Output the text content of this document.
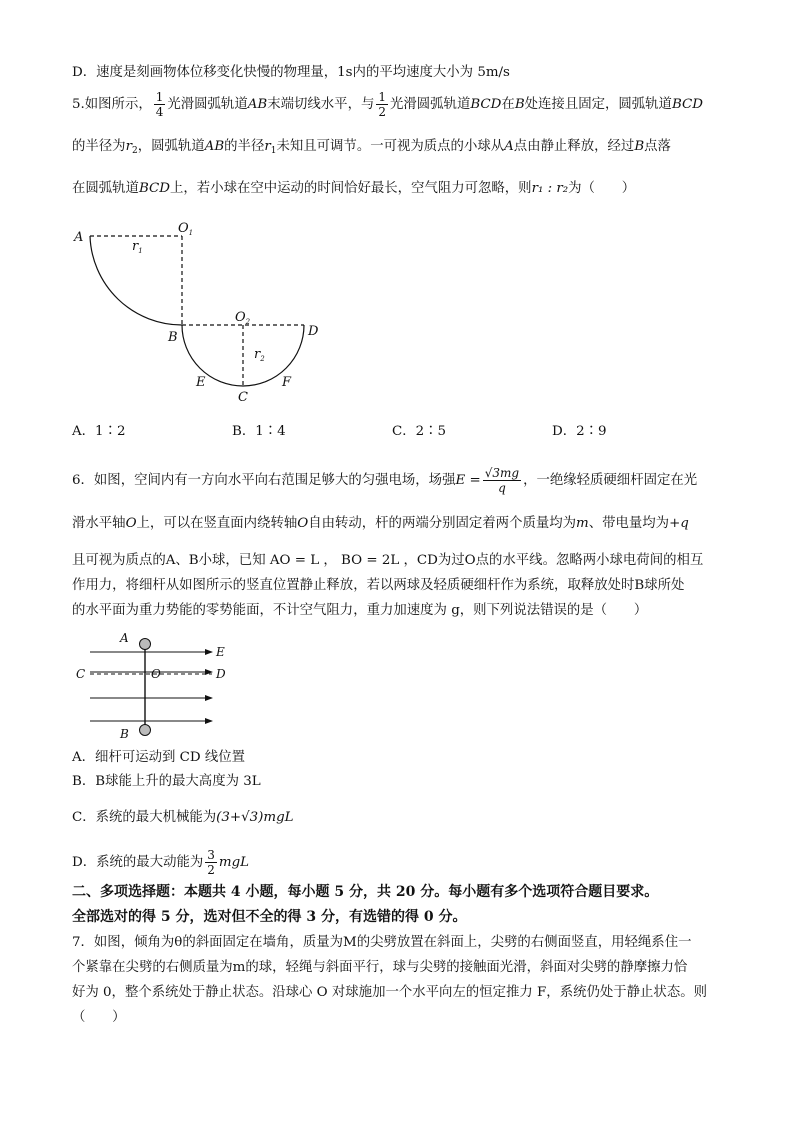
D．速度是刻画物体位移变化快慢的物理量，1s内的平均速度大小为 5m/s
5.如图所示， $\frac{1}{4}$ 光滑圆弧轨道AB末端切线水平，与 $\frac{1}{2}$ 光滑圆弧轨道BCD在B处连接且固定，圆弧轨道BCD
的半径为$r_2$，圆弧轨道AB的半径$r_1$未知且可调节。一可视为质点的小球从A点由静止释放，经过B点落
在圆弧轨道BCD上，若小球在空中运动的时间恰好最长，空气阻力可忽略，则r₁ : r₂为（　　）
A
$O_1$
$r_1$
B
$O_2$
D
$r_2$
E
C
F
A．1∶2	B．1∶4	C．2∶5	D．2∶9
6．如图，空间内有一方向水平向右范围足够大的匀强电场，场强$E = \frac{√3mg}{q}$ ，一绝缘轻质硬细杆固定在光
滑水平轴O上，可以在竖直面内绕转轴O自由转动，杆的两端分别固定着两个质量均为m、带电量均为+q
且可视为质点的A、B小球，已知 AO = L ， BO = 2L ，CD为过O点的水平线。忽略两小球电荷间的相互
作用力，将细杆从如图所示的竖直位置静止释放，若以两球及轻质硬细杆作为系统，取释放处时B球所处
的水平面为重力势能的零势能面，不计空气阻力，重力加速度为 g，则下列说法错误的是（　　）
A
E
C	O	D
B
A．细杆可运动到 CD 线位置
B．B球能上升的最大高度为 3L
C．系统的最大机械能为(3+√3)mgL
D．系统的最大动能为 $\frac{3}{2}$ mgL
二、多项选择题：本题共 4 小题，每小题 5 分，共 20 分。每小题有多个选项符合题目要求。
全部选对的得 5 分，选对但不全的得 3 分，有选错的得 0 分。
7．如图，倾角为θ的斜面固定在墙角，质量为M的尖劈放置在斜面上，尖劈的右侧面竖直，用轻绳系住一
个紧靠在尖劈的右侧质量为m的球，轻绳与斜面平行，球与尖劈的接触面光滑，斜面对尖劈的静摩擦力恰
好为 0，整个系统处于静止状态。沿球心 O 对球施加一个水平向左的恒定推力 F，系统仍处于静止状态。则
（　　）
